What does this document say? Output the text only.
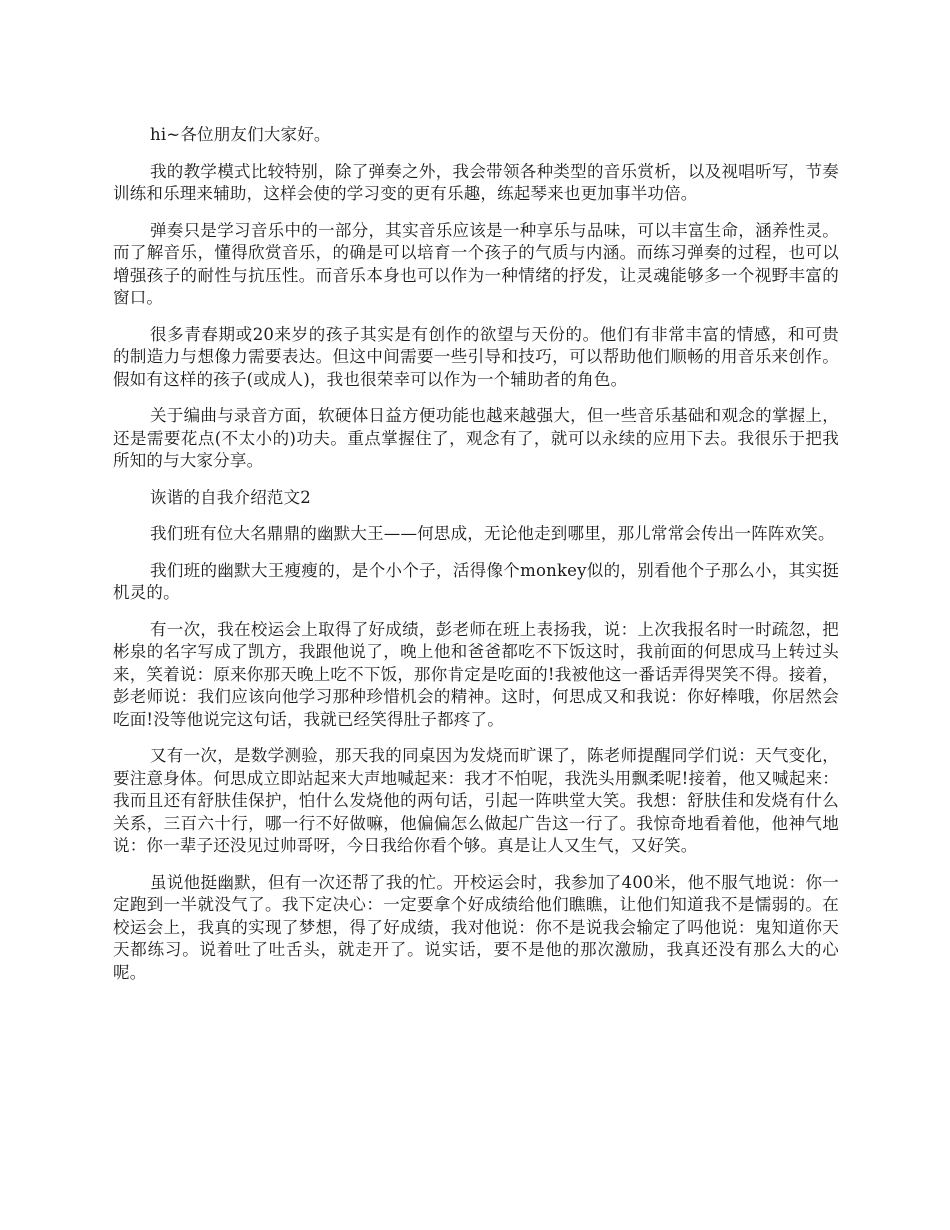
hi~各位朋友们大家好。

我的教学模式比较特别，除了弹奏之外，我会带领各种类型的音乐赏析，以及视唱听写，节奏训练和乐理来辅助，这样会使的学习变的更有乐趣，练起琴来也更加事半功倍。

弹奏只是学习音乐中的一部分，其实音乐应该是一种享乐与品味，可以丰富生命，涵养性灵。而了解音乐，懂得欣赏音乐，的确是可以培育一个孩子的气质与内涵。而练习弹奏的过程，也可以增强孩子的耐性与抗压性。而音乐本身也可以作为一种情绪的抒发，让灵魂能够多一个视野丰富的窗口。

很多青春期或20来岁的孩子其实是有创作的欲望与天份的。他们有非常丰富的情感，和可贵的制造力与想像力需要表达。但这中间需要一些引导和技巧，可以帮助他们顺畅的用音乐来创作。假如有这样的孩子(或成人)，我也很荣幸可以作为一个辅助者的角色。

关于编曲与录音方面，软硬体日益方便功能也越来越强大，但一些音乐基础和观念的掌握上，还是需要花点(不太小的)功夫。重点掌握住了，观念有了，就可以永续的应用下去。我很乐于把我所知的与大家分享。

诙谐的自我介绍范文2

我们班有位大名鼎鼎的幽默大王——何思成，无论他走到哪里，那儿常常会传出一阵阵欢笑。

我们班的幽默大王瘦瘦的，是个小个子，活得像个monkey似的，别看他个子那么小，其实挺机灵的。

有一次，我在校运会上取得了好成绩，彭老师在班上表扬我，说：上次我报名时一时疏忽，把彬泉的名字写成了凯方，我跟他说了，晚上他和爸爸都吃不下饭这时，我前面的何思成马上转过头来，笑着说：原来你那天晚上吃不下饭，那你肯定是吃面的!我被他这一番话弄得哭笑不得。接着，彭老师说：我们应该向他学习那种珍惜机会的精神。这时，何思成又和我说：你好棒哦，你居然会吃面!没等他说完这句话，我就已经笑得肚子都疼了。

又有一次，是数学测验，那天我的同桌因为发烧而旷课了，陈老师提醒同学们说：天气变化，要注意身体。何思成立即站起来大声地喊起来：我才不怕呢，我洗头用飘柔呢!接着，他又喊起来：我而且还有舒肤佳保护，怕什么发烧他的两句话，引起一阵哄堂大笑。我想：舒肤佳和发烧有什么关系，三百六十行，哪一行不好做嘛，他偏偏怎么做起广告这一行了。我惊奇地看着他，他神气地说：你一辈子还没见过帅哥呀，今日我给你看个够。真是让人又生气，又好笑。

虽说他挺幽默，但有一次还帮了我的忙。开校运会时，我参加了400米，他不服气地说：你一定跑到一半就没气了。我下定决心：一定要拿个好成绩给他们瞧瞧，让他们知道我不是懦弱的。在校运会上，我真的实现了梦想，得了好成绩，我对他说：你不是说我会输定了吗他说：鬼知道你天天都练习。说着吐了吐舌头，就走开了。说实话，要不是他的那次激励，我真还没有那么大的心呢。
